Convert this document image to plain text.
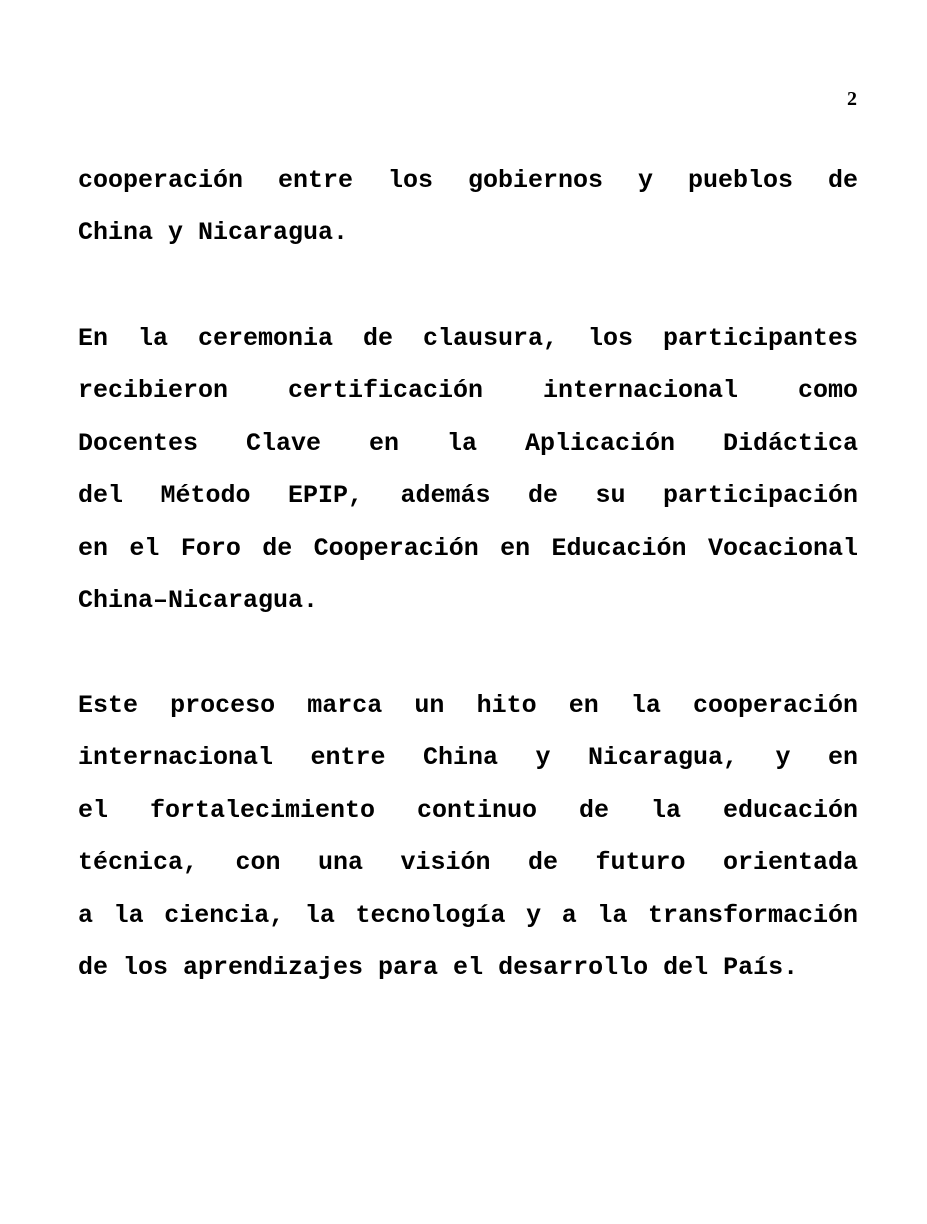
2
cooperación entre los gobiernos y pueblos de
China y Nicaragua.
En la ceremonia de clausura, los participantes
recibieron certificación internacional como
Docentes Clave en la Aplicación Didáctica
del Método EPIP, además de su participación
en el Foro de Cooperación en Educación Vocacional
China–Nicaragua.
Este proceso marca un hito en la cooperación
internacional entre China y Nicaragua, y en
el fortalecimiento continuo de la educación
técnica, con una visión de futuro orientada
a la ciencia, la tecnología y a la transformación
de los aprendizajes para el desarrollo del País.
